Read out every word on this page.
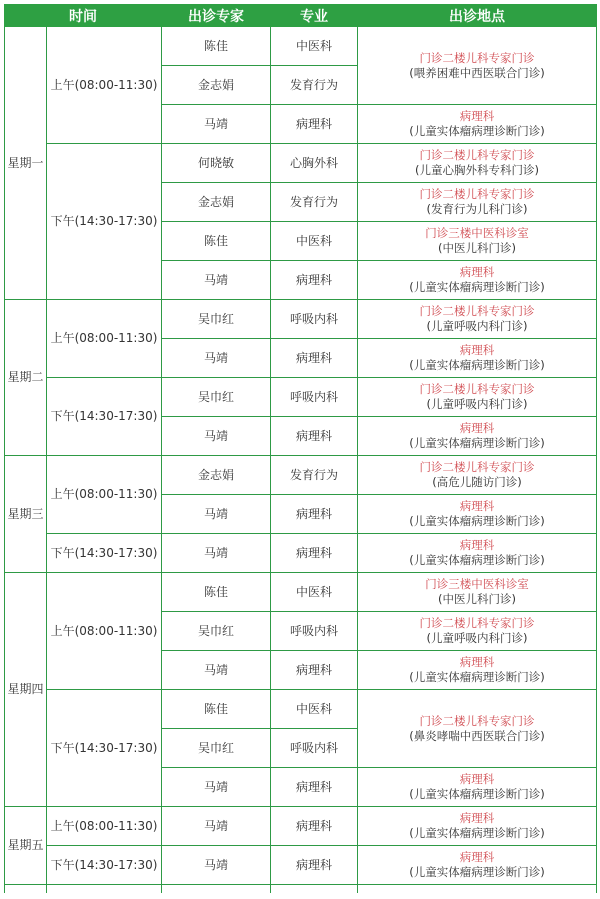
时间		出诊专家	专业	出诊地点
星期一	上午(08:00-11:30)	陈佳	中医科	门诊二楼儿科专家门诊
(喂养困难中西医联合门诊)

		金志娟	发育行为	
		马靖	病理科	病理科
(儿童实体瘤病理诊断门诊)

	下午(14:30-17:30)	何晓敏	心胸外科	门诊二楼儿科专家门诊
(儿童心胸外科专科门诊)

		金志娟	发育行为	门诊二楼儿科专家门诊
(发育行为儿科门诊)

		陈佳	中医科	门诊三楼中医科诊室
(中医儿科门诊)

		马靖	病理科	病理科
(儿童实体瘤病理诊断门诊)

星期二	上午(08:00-11:30)	吴巾红	呼吸内科	门诊二楼儿科专家门诊
(儿童呼吸内科门诊)

		马靖	病理科	病理科
(儿童实体瘤病理诊断门诊)

	下午(14:30-17:30)	吴巾红	呼吸内科	门诊二楼儿科专家门诊
(儿童呼吸内科门诊)

		马靖	病理科	病理科
(儿童实体瘤病理诊断门诊)

星期三	上午(08:00-11:30)	金志娟	发育行为	门诊二楼儿科专家门诊
(高危儿随访门诊)

		马靖	病理科	病理科
(儿童实体瘤病理诊断门诊)

	下午(14:30-17:30)	马靖	病理科	病理科
(儿童实体瘤病理诊断门诊)

星期四	上午(08:00-11:30)	陈佳	中医科	门诊三楼中医科诊室
(中医儿科门诊)

		吴巾红	呼吸内科	门诊二楼儿科专家门诊
(儿童呼吸内科门诊)

		马靖	病理科	病理科
(儿童实体瘤病理诊断门诊)

	下午(14:30-17:30)	陈佳	中医科	门诊二楼儿科专家门诊
(鼻炎哮喘中西医联合门诊)

		吴巾红	呼吸内科	
		马靖	病理科	病理科
(儿童实体瘤病理诊断门诊)

星期五	上午(08:00-11:30)	马靖	病理科	病理科
(儿童实体瘤病理诊断门诊)

	下午(14:30-17:30)	马靖	病理科	病理科
(儿童实体瘤病理诊断门诊)
